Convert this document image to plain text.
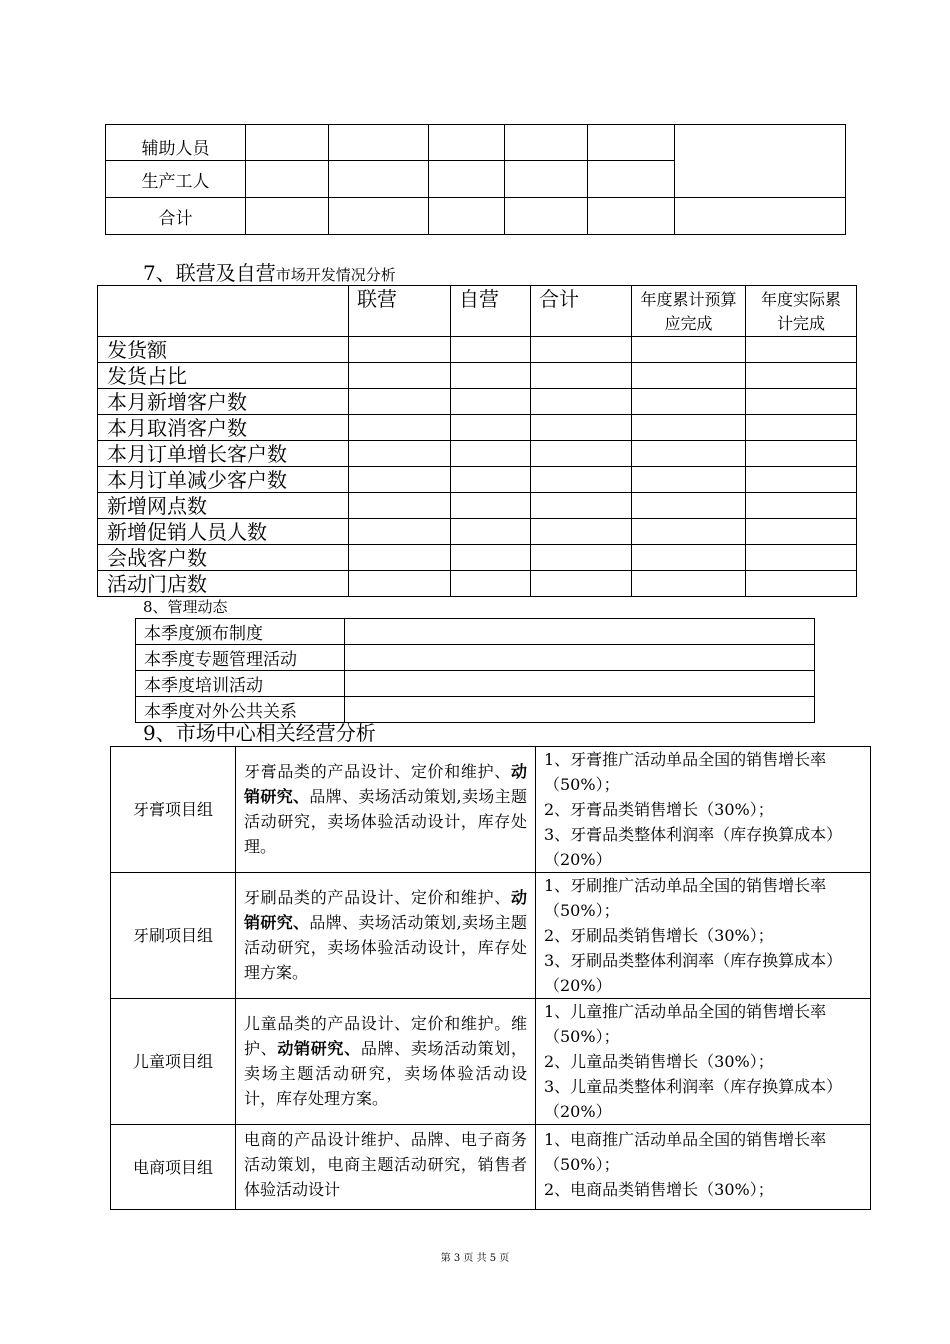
辅助人员						
生产工人						
合计						
7、联营及自营市场开发情况分析
	联营	自营	合计	年度累计预算应完成	年度实际累计完成

发货额					
发货占比					
本月新增客户数					
本月取消客户数					
本月订单增长客户数					
本月订单减少客户数					
新增网点数					
新增促销人员人数					
会战客户数					
活动门店数					
8、管理动态
本季度颁布制度	
本季度专题管理活动	
本季度培训活动	
本季度对外公共关系	
9、市场中心相关经营分析
牙膏项目组	牙膏品类的产品设计、定价和维护、动销研究、品牌、卖场活动策划,卖场主题活动研究，卖场体验活动设计，库存处理。	1、牙膏推广活动单品全国的销售增长率
（50%）；
2、牙膏品类销售增长（30%）；
3、牙膏品类整体利润率（库存换算成本）
（20%）

牙刷项目组	牙刷品类的产品设计、定价和维护、动销研究、品牌、卖场活动策划,卖场主题活动研究，卖场体验活动设计，库存处理方案。	1、牙刷推广活动单品全国的销售增长率
（50%）；
2、牙刷品类销售增长（30%）；
3、牙刷品类整体利润率（库存换算成本）
（20%）

儿童项目组	儿童品类的产品设计、定价和维护。维护、动销研究、品牌、卖场活动策划，卖场主题活动研究，卖场体验活动设计，库存处理方案。	1、儿童推广活动单品全国的销售增长率
（50%）；
2、儿童品类销售增长（30%）；
3、儿童品类整体利润率（库存换算成本）
（20%）

电商项目组	电商的产品设计维护、品牌、电子商务活动策划，电商主题活动研究，销售者体验活动设计	1、电商推广活动单品全国的销售增长率
（50%）；
2、电商品类销售增长（30%）；
第 3 页 共 5 页
